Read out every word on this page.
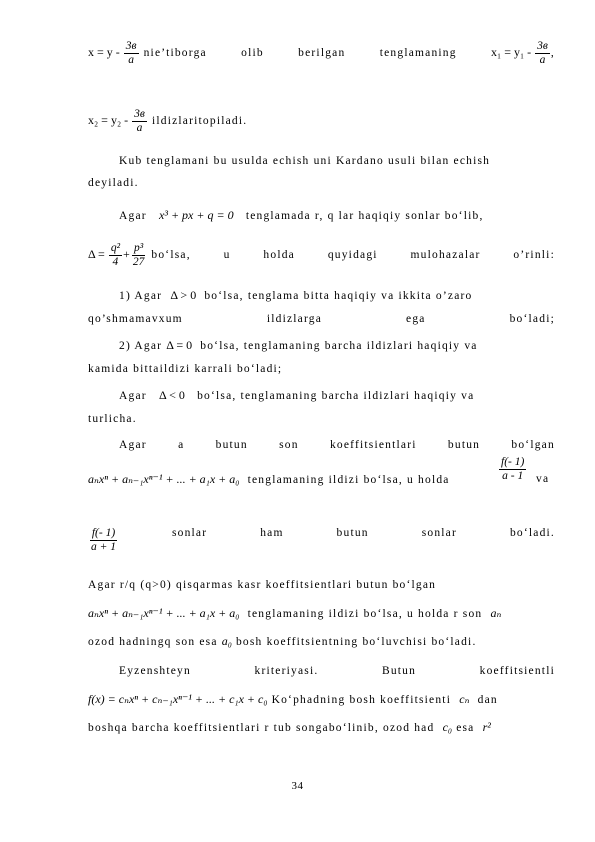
$x = y - \frac{3в}{a}$ nie’tiborga	olib	berilgan	tenglamaning	$x_1 = y_1 - \frac{3в}{a}$ ,
$x_2 = y_2 - \frac{3в}{a}$ ildizlaritopiladi.
Kub tenglamani bu usulda echish uni Kardano usuli bilan echish
deyiladi.
Agar x³ + px + q = 0 tenglamada r, q lar haqiqiy sonlar bo‘lib,
$\Delta = \frac{\text{q²}}{4} + \frac{\text{p³}}{27}$ bo‘lsa,	u	holda	quyidagi	mulohazalar	o’rinli:
1) Agar Δ > 0 bo‘lsa, tenglama bitta haqiqiy va ikkita o’zaro
qo’shmamavxum	ildizlarga	ega	bo‘ladi;
2) Agar Δ = 0 bo‘lsa, tenglamaning barcha ildizlari haqiqiy va
kamida bittaildizi karrali bo‘ladi;
Agar Δ < 0 bo‘lsa, tenglamaning barcha ildizlari haqiqiy va
turlicha.
Agar	a	butun	son	koeffitsientlari	butun	bo‘lgan
aₙxⁿ + aₙ₋₁xⁿ⁻¹ + ... + a₁x + a₀ tenglamaning ildizi bo‘lsa, u holda	$\frac{f(- 1)}{a - 1}$ va
$\frac{f(- 1)}{a + 1}$	sonlar	ham	butun	sonlar	bo‘ladi.
Agar r/q (q>0) qisqarmas kasr koeffitsientlari butun bo‘lgan
aₙxⁿ + aₙ₋₁xⁿ⁻¹ + ... + a₁x + a₀ tenglamaning ildizi bo‘lsa, u holda r son aₙ
ozod hadningq son esa a₀ bosh koeffitsientning bo‘luvchisi bo‘ladi.
Eyzenshteyn	kriteriyasi.	Butun	koeffitsientli
f(x) = cₙxⁿ + cₙ₋₁xⁿ⁻¹ + ... + c₁x + c₀ Ko‘phadning bosh koeffitsienti cₙ dan
boshqa barcha koeffitsientlari r tub songabo‘linib, ozod had c₀ esa r²
34
